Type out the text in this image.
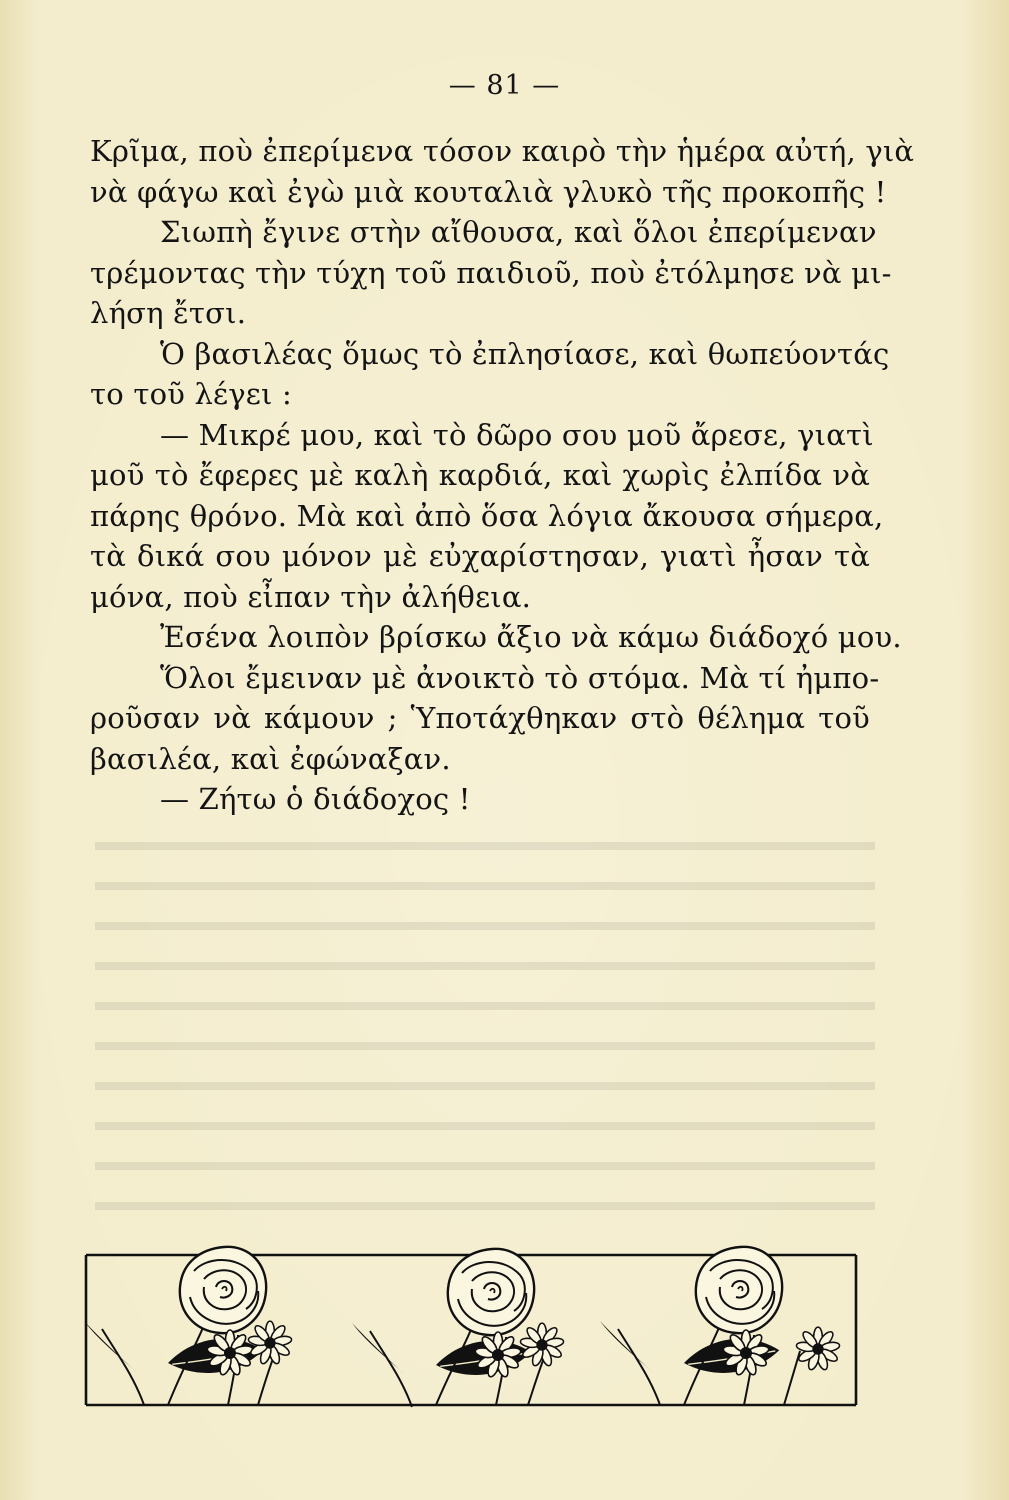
— 81 —
Κρῖμα, ποὺ ἐπερίμενα τόσον καιρὸ τὴν ἡμέρα αὐτή, γιὰ
νὰ φάγω καὶ ἐγὼ μιὰ κουταλιὰ γλυκὸ τῆς προκοπῆς !
Σιωπὴ ἔγινε στὴν αἴθουσα, καὶ ὅλοι ἐπερίμεναν
τρέμοντας τὴν τύχη τοῦ παιδιοῦ, ποὺ ἐτόλμησε νὰ μι-
λήση ἔτσι.
Ὁ βασιλέας ὅμως τὸ ἐπλησίασε, καὶ θωπεύοντάς
το τοῦ λέγει :
— Μικρέ μου, καὶ τὸ δῶρο σου μοῦ ἄρεσε, γιατὶ
μοῦ τὸ ἔφερες μὲ καλὴ καρδιά, καὶ χωρὶς ἐλπίδα νὰ
πάρης θρόνο. Μὰ καὶ ἀπὸ ὅσα λόγια ἄκουσα σήμερα,
τὰ δικά σου μόνον μὲ εὐχαρίστησαν, γιατὶ ἦσαν τὰ
μόνα, ποὺ εἶπαν τὴν ἀλήθεια.
Ἐσένα λοιπὸν βρίσκω ἄξιο νὰ κάμω διάδοχό μου.
Ὅλοι ἔμειναν μὲ ἀνοικτὸ τὸ στόμα. Μὰ τί ἠμπο-
ροῦσαν νὰ κάμουν ; Ὑποτάχθηκαν στὸ θέλημα τοῦ
βασιλέα, καὶ ἐφώναξαν.
— Ζήτω ὁ διάδοχος !
